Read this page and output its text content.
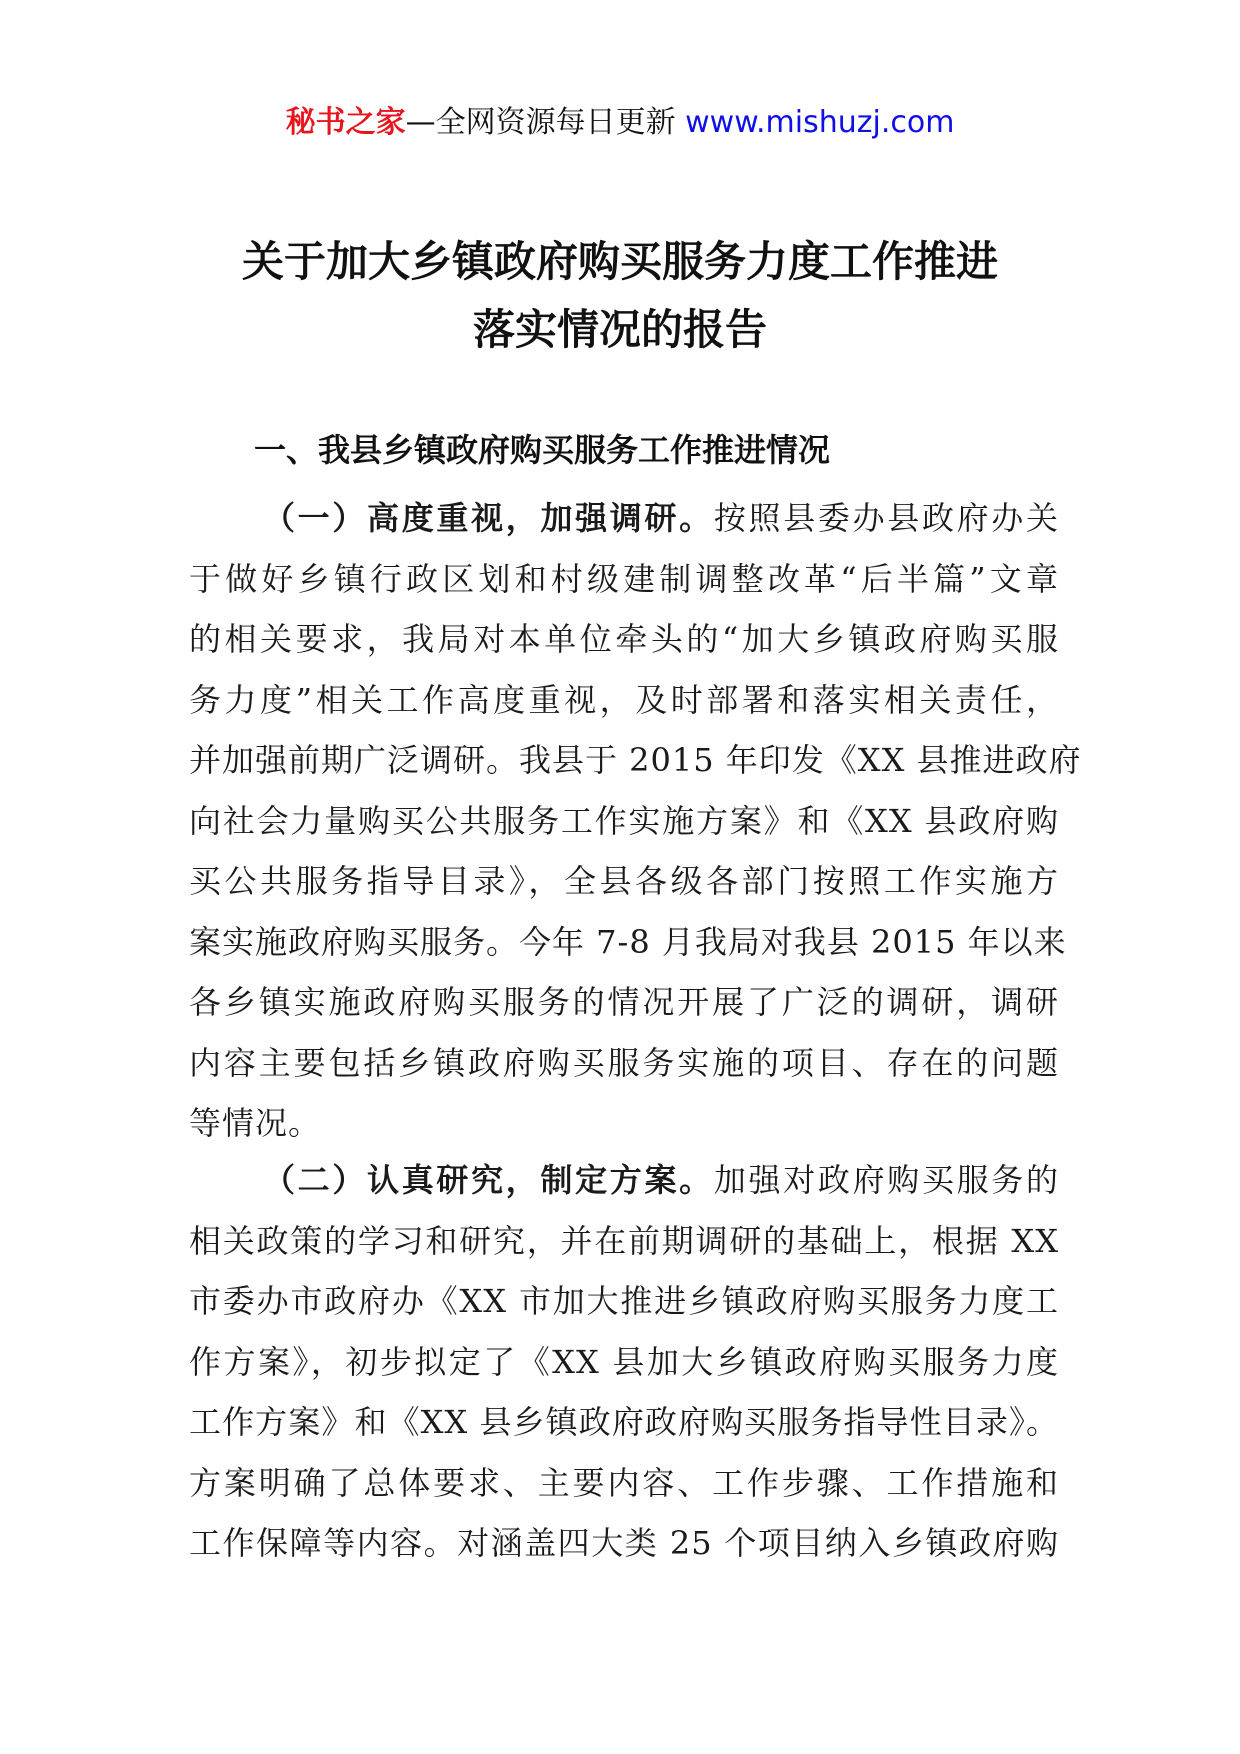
秘书之家—全网资源每日更新 www.mishuzj.com
关于加大乡镇政府购买服务力度工作推进
落实情况的报告
一、我县乡镇政府购买服务工作推进情况
（一）高度重视，加强调研。按照县委办县政府办关
于做好乡镇行政区划和村级建制调整改革“后半篇”文章
的相关要求，我局对本单位牵头的“加大乡镇政府购买服
务力度”相关工作高度重视，及时部署和落实相关责任，
并加强前期广泛调研。我县于 2015 年印发《XX 县推进政府
向社会力量购买公共服务工作实施方案》和《XX 县政府购
买公共服务指导目录》，全县各级各部门按照工作实施方
案实施政府购买服务。今年 7-8 月我局对我县 2015 年以来
各乡镇实施政府购买服务的情况开展了广泛的调研，调研
内容主要包括乡镇政府购买服务实施的项目、存在的问题
等情况。
（二）认真研究，制定方案。加强对政府购买服务的
相关政策的学习和研究，并在前期调研的基础上，根据 XX
市委办市政府办《XX 市加大推进乡镇政府购买服务力度工
作方案》，初步拟定了《XX 县加大乡镇政府购买服务力度
工作方案》和《XX 县乡镇政府政府购买服务指导性目录》。
方案明确了总体要求、主要内容、工作步骤、工作措施和
工作保障等内容。对涵盖四大类 25 个项目纳入乡镇政府购
